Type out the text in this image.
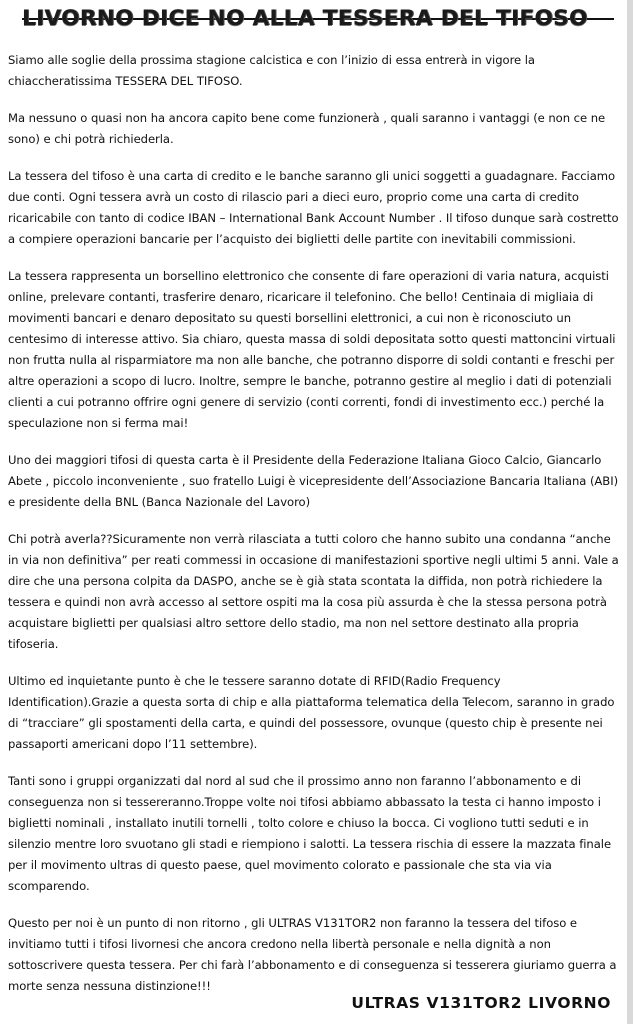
LIVORNO DICE NO ALLA TESSERA DEL TIFOSO

Siamo alle soglie della prossima stagione calcistica e con l’inizio di essa entrerà in vigore la chiaccheratissima TESSERA DEL TIFOSO.

Ma nessuno o quasi non ha ancora capito bene come funzionerà , quali saranno i vantaggi (e non ce ne sono) e chi potrà richiederla.

La tessera del tifoso è una carta di credito e le banche saranno gli unici soggetti a guadagnare. Facciamo due conti. Ogni tessera avrà un costo di rilascio pari a dieci euro, proprio come una carta di credito ricaricabile con tanto di codice IBAN – International Bank Account Number . Il tifoso dunque sarà costretto a compiere operazioni bancarie per l’acquisto dei biglietti delle partite con inevitabili commissioni.

La tessera rappresenta un borsellino elettronico che consente di fare operazioni di varia natura, acquisti online, prelevare contanti, trasferire denaro, ricaricare il telefonino. Che bello! Centinaia di migliaia di movimenti bancari e denaro depositato su questi borsellini elettronici, a cui non è riconosciuto un centesimo di interesse attivo. Sia chiaro, questa massa di soldi depositata sotto questi mattoncini virtuali non frutta nulla al risparmiatore ma non alle banche, che potranno disporre di soldi contanti e freschi per altre operazioni a scopo di lucro. Inoltre, sempre le banche, potranno gestire al meglio i dati di potenziali clienti a cui potranno offrire ogni genere di servizio (conti correnti, fondi di investimento ecc.) perché la speculazione non si ferma mai!

Uno dei maggiori tifosi di questa carta è il Presidente della Federazione Italiana Gioco Calcio, Giancarlo Abete , piccolo inconveniente , suo fratello Luigi è vicepresidente dell’Associazione Bancaria Italiana (ABI) e presidente della BNL (Banca Nazionale del Lavoro)

Chi potrà averla??Sicuramente non verrà rilasciata a tutti coloro che hanno subito una condanna “anche in via non definitiva” per reati commessi in occasione di manifestazioni sportive negli ultimi 5 anni. Vale a dire che una persona colpita da DASPO, anche se è già stata scontata la diffida, non potrà richiedere la tessera e quindi non avrà accesso al settore ospiti ma la cosa più assurda è che la stessa persona potrà acquistare biglietti per qualsiasi altro settore dello stadio, ma non nel settore destinato alla propria tifoseria.

Ultimo ed inquietante punto è che le tessere saranno dotate di RFID(Radio Frequency Identification).Grazie a questa sorta di chip e alla piattaforma telematica della Telecom, saranno in grado di “tracciare” gli spostamenti della carta, e quindi del possessore, ovunque (questo chip è presente nei passaporti americani dopo l’11 settembre).

Tanti sono i gruppi organizzati dal nord al sud che il prossimo anno non faranno l’abbonamento e di conseguenza non si tessereranno.Troppe volte noi tifosi abbiamo abbassato la testa ci hanno imposto i biglietti nominali , installato inutili tornelli , tolto colore e chiuso la bocca. Ci vogliono tutti seduti e in silenzio mentre loro svuotano gli stadi e riempiono i salotti. La tessera rischia di essere la mazzata finale per il movimento ultras di questo paese, quel movimento colorato e passionale che sta via via scomparendo.

Questo per noi è un punto di non ritorno , gli ULTRAS V131TOR2 non faranno la tessera del tifoso e invitiamo tutti i tifosi livornesi che ancora credono nella libertà personale e nella dignità a non sottoscrivere questa tessera. Per chi farà l’abbonamento e di conseguenza si tesserera giuriamo guerra a morte senza nessuna distinzione!!!

ULTRAS V131TOR2 LIVORNO
